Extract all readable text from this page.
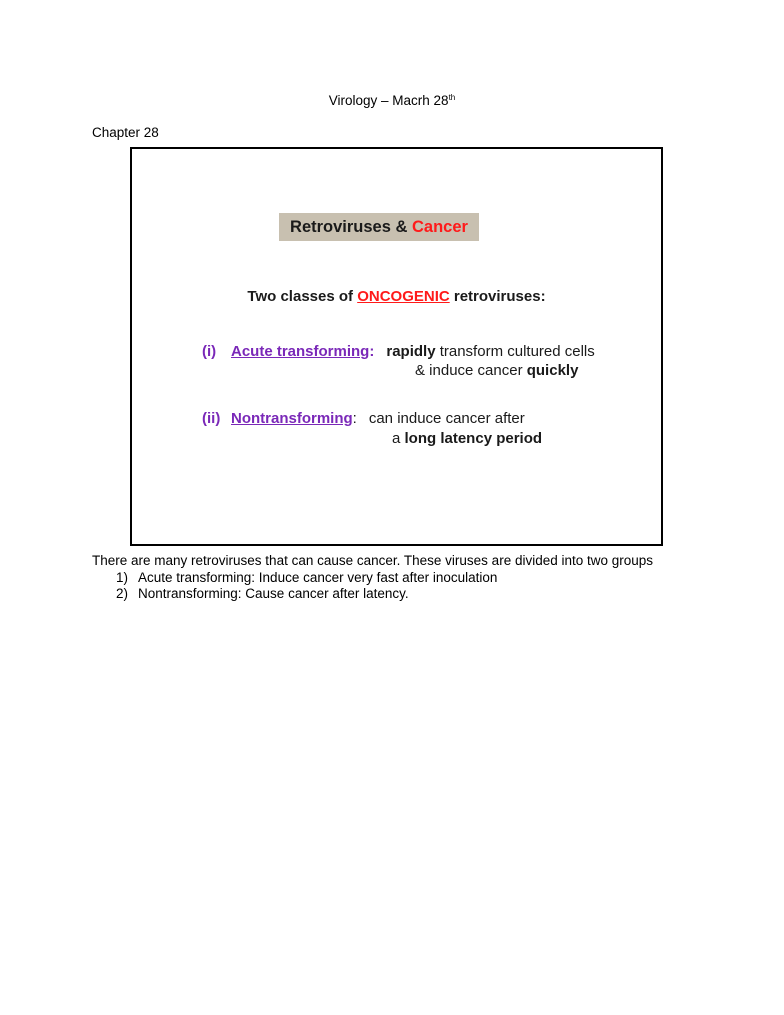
Virology – Macrh 28th
Chapter 28
Retroviruses & Cancer
Two classes of ONCOGENIC retroviruses:
(i) Acute transforming: rapidly transform cultured cells
& induce cancer quickly
(ii) Nontransforming: can induce cancer after
a long latency period
There are many retroviruses that can cause cancer. These viruses are divided into two groups
1) Acute transforming: Induce cancer very fast after inoculation
2) Nontransforming: Cause cancer after latency.
